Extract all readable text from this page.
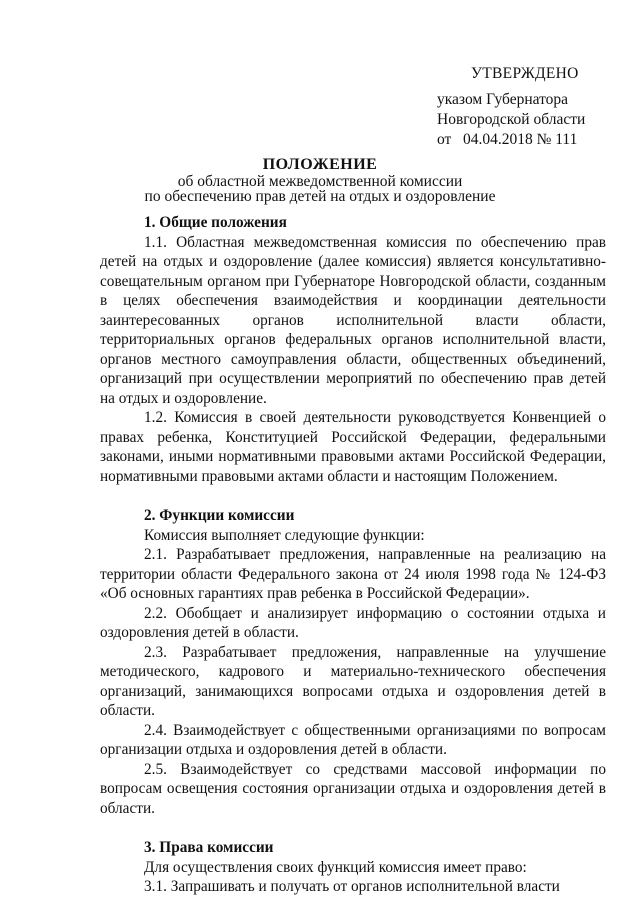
УТВЕРЖДЕНО
указом Губернатора
Новгородской области
от 04.04.2018 № 111
ПОЛОЖЕНИЕ
об областной межведомственной комиссии
по обеспечению прав детей на отдых и оздоровление

1. Общие положения

1.1. Областная межведомственная комиссия по обеспечению прав детей на отдых и оздоровление (далее комиссия) является консультативно-совещательным органом при Губернаторе Новгородской области, созданным в целях обеспечения взаимодействия и координации деятельности заинтересованных органов исполнительной власти области, территориальных органов федеральных органов исполнительной власти, органов местного самоуправления области, общественных объединений, организаций при осуществлении мероприятий по обеспечению прав детей на отдых и оздоровление.

1.2. Комиссия в своей деятельности руководствуется Конвенцией о правах ребенка, Конституцией Российской Федерации, федеральными законами, иными нормативными правовыми актами Российской Федерации, нормативными правовыми актами области и настоящим Положением.

2. Функции комиссии

Комиссия выполняет следующие функции:

2.1. Разрабатывает предложения, направленные на реализацию на территории области Федерального закона от 24 июля 1998 года № 124-ФЗ «Об основных гарантиях прав ребенка в Российской Федерации».

2.2. Обобщает и анализирует информацию о состоянии отдыха и оздоровления детей в области.

2.3. Разрабатывает предложения, направленные на улучшение методического, кадрового и материально-технического обеспечения организаций, занимающихся вопросами отдыха и оздоровления детей в области.

2.4. Взаимодействует с общественными организациями по вопросам организации отдыха и оздоровления детей в области.

2.5. Взаимодействует со средствами массовой информации по вопросам освещения состояния организации отдыха и оздоровления детей в области.

3. Права комиссии

Для осуществления своих функций комиссия имеет право:

3.1. Запрашивать и получать от органов исполнительной власти
